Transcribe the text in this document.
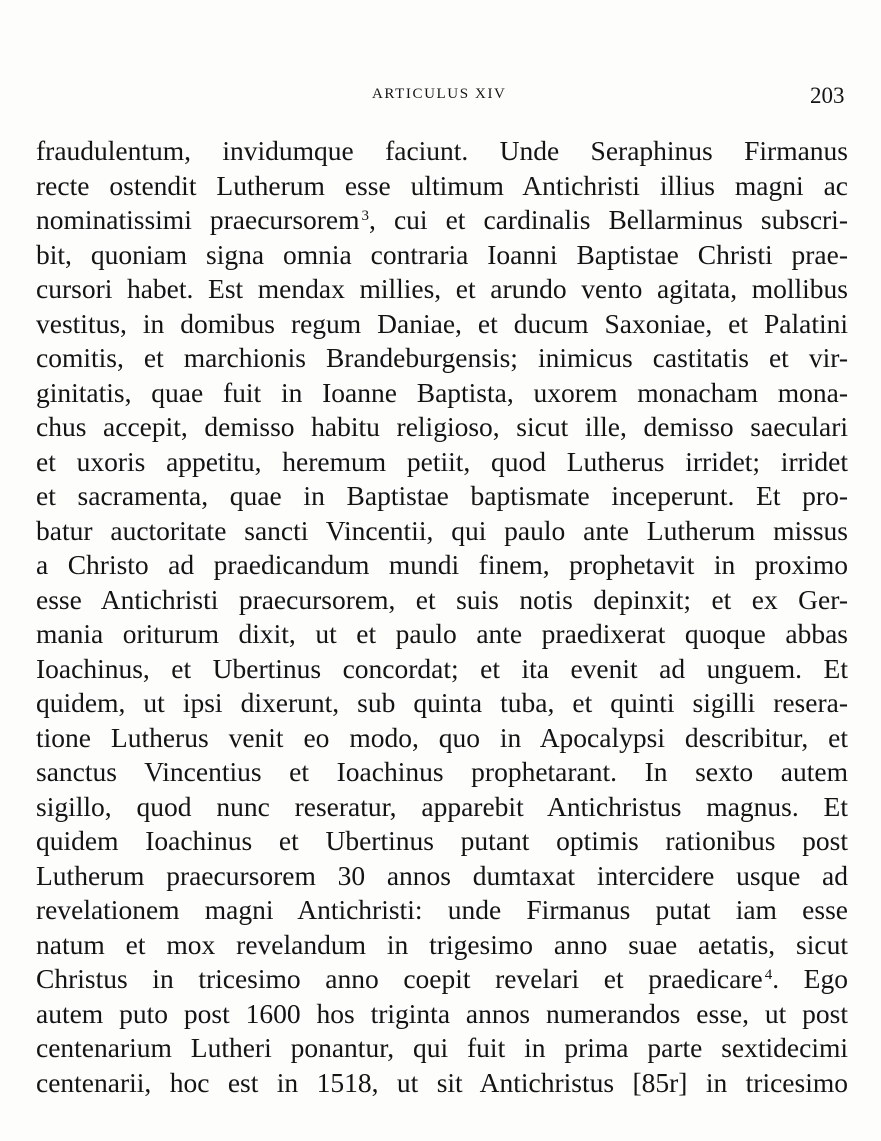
ARTICULUS XIV	203
fraudulentum, invidumque faciunt. Unde Seraphinus Firmanus
recte ostendit Lutherum esse ultimum Antichristi illius magni ac
nominatissimi praecursorem $^3$, cui et cardinalis Bellarminus subscri-
bit, quoniam signa omnia contraria Ioanni Baptistae Christi prae-
cursori habet. Est mendax millies, et arundo vento agitata, mollibus
vestitus, in domibus regum Daniae, et ducum Saxoniae, et Palatini
comitis, et marchionis Brandeburgensis; inimicus castitatis et vir-
ginitatis, quae fuit in Ioanne Baptista, uxorem monacham mona-
chus accepit, demisso habitu religioso, sicut ille, demisso saeculari
et uxoris appetitu, heremum petiit, quod Lutherus irridet; irridet
et sacramenta, quae in Baptistae baptismate inceperunt. Et pro-
batur auctoritate sancti Vincentii, qui paulo ante Lutherum missus
a Christo ad praedicandum mundi finem, prophetavit in proximo
esse Antichristi praecursorem, et suis notis depinxit; et ex Ger-
mania oriturum dixit, ut et paulo ante praedixerat quoque abbas
Ioachinus, et Ubertinus concordat; et ita evenit ad unguem. Et
quidem, ut ipsi dixerunt, sub quinta tuba, et quinti sigilli resera-
tione Lutherus venit eo modo, quo in Apocalypsi describitur, et
sanctus Vincentius et Ioachinus prophetarant. In sexto autem
sigillo, quod nunc reseratur, apparebit Antichristus magnus. Et
quidem Ioachinus et Ubertinus putant optimis rationibus post
Lutherum praecursorem 30 annos dumtaxat intercidere usque ad
revelationem magni Antichristi: unde Firmanus putat iam esse
natum et mox revelandum in trigesimo anno suae aetatis, sicut
Christus in tricesimo anno coepit revelari et praedicare $^4$. Ego
autem puto post 1600 hos triginta annos numerandos esse, ut post
centenarium Lutheri ponantur, qui fuit in prima parte sextidecimi
centenarii, hoc est in 1518, ut sit Antichristus [85r] in tricesimo
